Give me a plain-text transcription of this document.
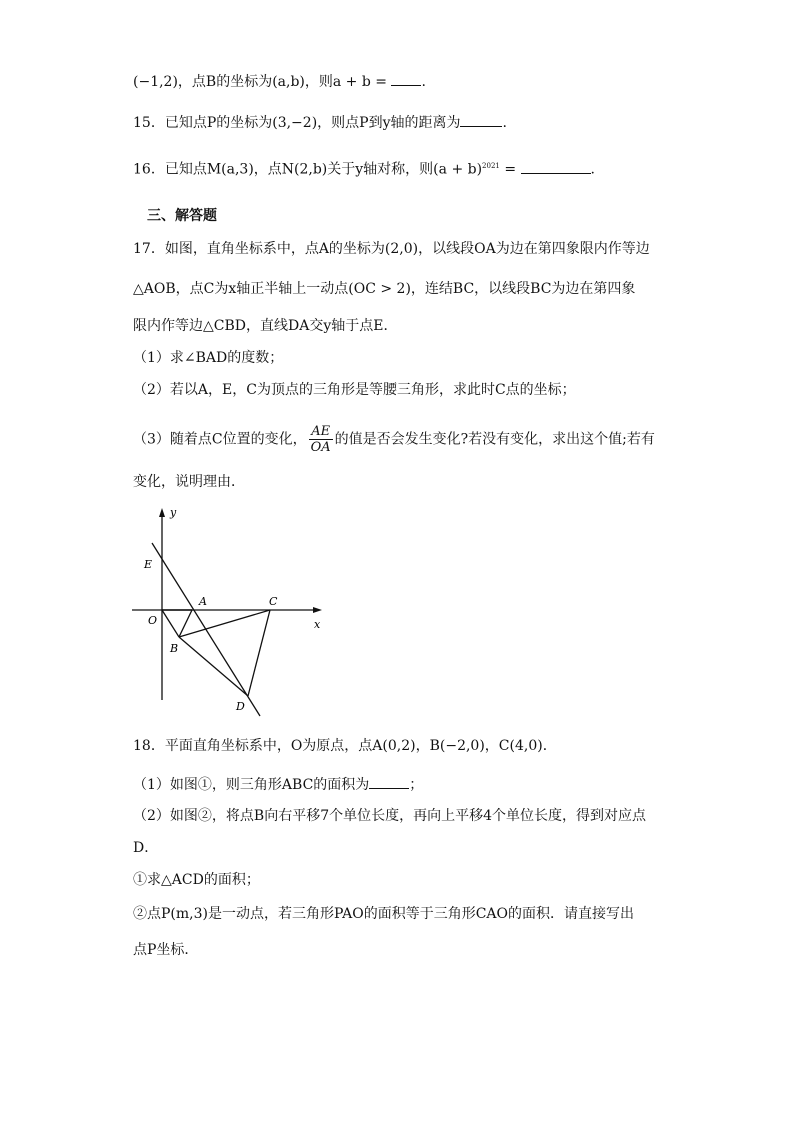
(−1,2)，点B的坐标为(a,b)，则a + b = .
15．已知点P的坐标为(3,−2)，则点P到y轴的距离为	.
16．已知点M(a,3)，点N(2,b)关于y轴对称，则$(a + b)^{2021}$ =	.
三、解答题
17．如图，直角坐标系中，点A的坐标为(2,0)，以线段OA为边在第四象限内作等边
△AOB，点C为x轴正半轴上一动点(OC > 2)，连结BC，以线段BC为边在第四象
限内作等边△CBD，直线DA交y轴于点E．
（1）求∠BAD的度数；
（2）若以A，E，C为顶点的三角形是等腰三角形，求此时C点的坐标；
（3）随着点C位置的变化， $\frac{AE}{OA}$ 的值是否会发生变化?若没有变化，求出这个值;若有
变化，说明理由．
y
x
O
E
A	C
B
D
18．平面直角坐标系中，O为原点，点A(0,2)，B(−2,0)，C(4,0)．
（1）如图①，则三角形ABC的面积为	；
（2）如图②，将点B向右平移7个单位长度，再向上平移4个单位长度，得到对应点
D．
①求△ACD的面积；
②点P(m,3)是一动点，若三角形PAO的面积等于三角形CAO的面积．请直接写出
点P坐标．
